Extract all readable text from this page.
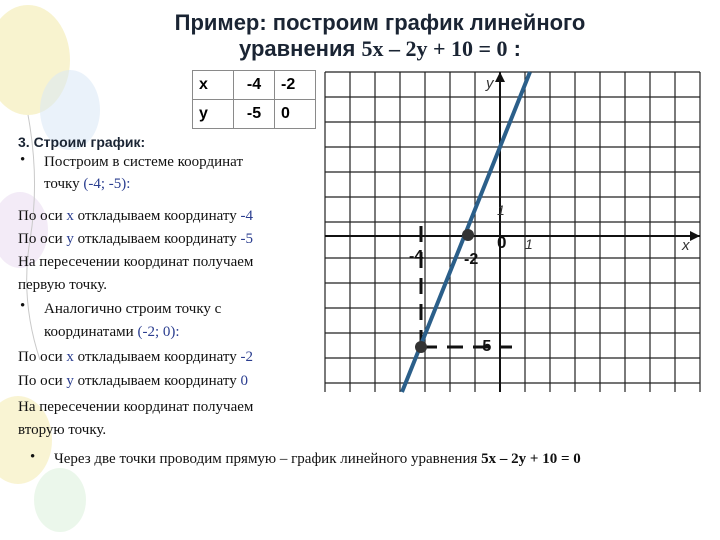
Пример: построим график линейного
уравнения 5x – 2y + 10 = 0 :
x	-4	-2
y	-5	0
3. Строим график:
• Построим в системе координат
точку (-4; -5):
По оси x откладываем координату -4
По оси y откладываем координату -5
На пересечении координат получаем
первую точку.
• Аналогично строим точку с
координатами (-2; 0):
По оси x откладываем координату -2
По оси y откладываем координату 0
На пересечении координат получаем
вторую точку.
y
x
1
1
0
-4	-2
-5
• Через две точки проводим прямую – график линейного уравнения 5x – 2y + 10 = 0
